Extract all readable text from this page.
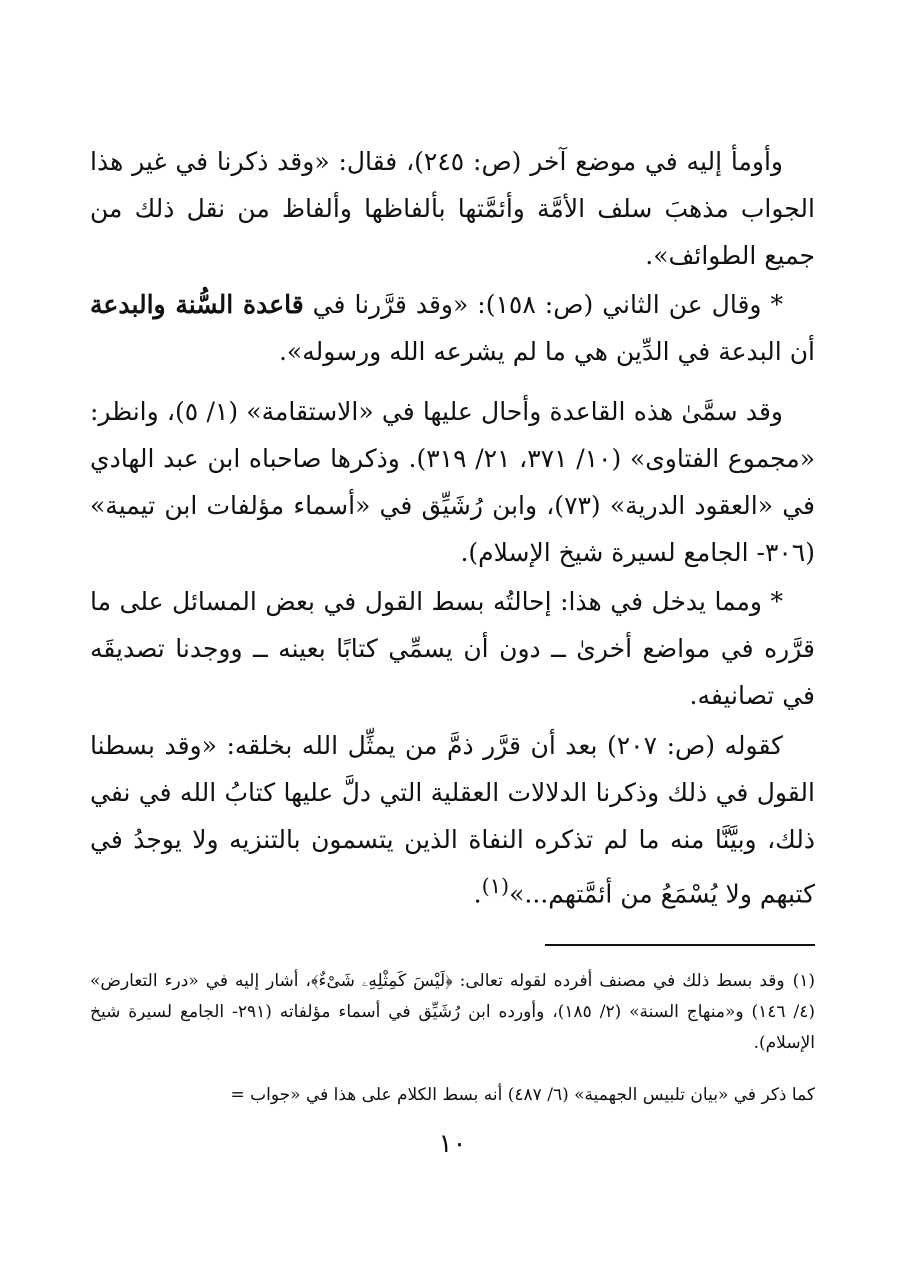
وأومأ إليه في موضع آخر (ص: ٢٤٥)، فقال: «وقد ذكرنا في غير هذا الجواب مذهبَ سلف الأمَّة وأئمَّتها بألفاظها وألفاظ من نقل ذلك من جميع الطوائف».

* وقال عن الثاني (ص: ١٥٨): «وقد قرَّرنا في قاعدة السُّنة والبدعة أن البدعة في الدِّين هي ما لم يشرعه الله ورسوله».

وقد سمَّىٰ هذه القاعدة وأحال عليها في «الاستقامة» (١/ ٥)، وانظر: «مجموع الفتاوى» (١٠/ ٣٧١، ٢١/ ٣١٩). وذكرها صاحباه ابن عبد الهادي في «العقود الدرية» (٧٣)، وابن رُشَيِّق في «أسماء مؤلفات ابن تيمية» (٣٠٦- الجامع لسيرة شيخ الإسلام).

* ومما يدخل في هذا: إحالتُه بسط القول في بعض المسائل على ما قرَّره في مواضع أخرىٰ ــ دون أن يسمِّي كتابًا بعينه ــ ووجدنا تصديقَه في تصانيفه.

كقوله (ص: ٢٠٧) بعد أن قرَّر ذمَّ من يمثِّل الله بخلقه: «وقد بسطنا القول في ذلك وذكرنا الدلالات العقلية التي دلَّ عليها كتابُ الله في نفي ذلك، وبيَّنَّا منه ما لم تذكره النفاة الذين يتسمون بالتنزيه ولا يوجدُ في كتبهم ولا يُسْمَعُ من أئمَّتهم...»$^{(١)}$.

(١)وقد بسط ذلك في مصنف أفرده لقوله تعالى: ﴿لَيْسَ كَمِثْلِهِۦ شَىْءٌ﴾، أشار إليه في «درء التعارض» (٤/ ١٤٦) و«منهاج السنة» (٢/ ١٨٥)، وأورده ابن رُشَيِّق في أسماء مؤلفاته (٢٩١- الجامع لسيرة شيخ الإسلام).

كما ذكر في «بيان تلبيس الجهمية» (٦/ ٤٨٧) أنه بسط الكلام على هذا في «جواب =

١٠
